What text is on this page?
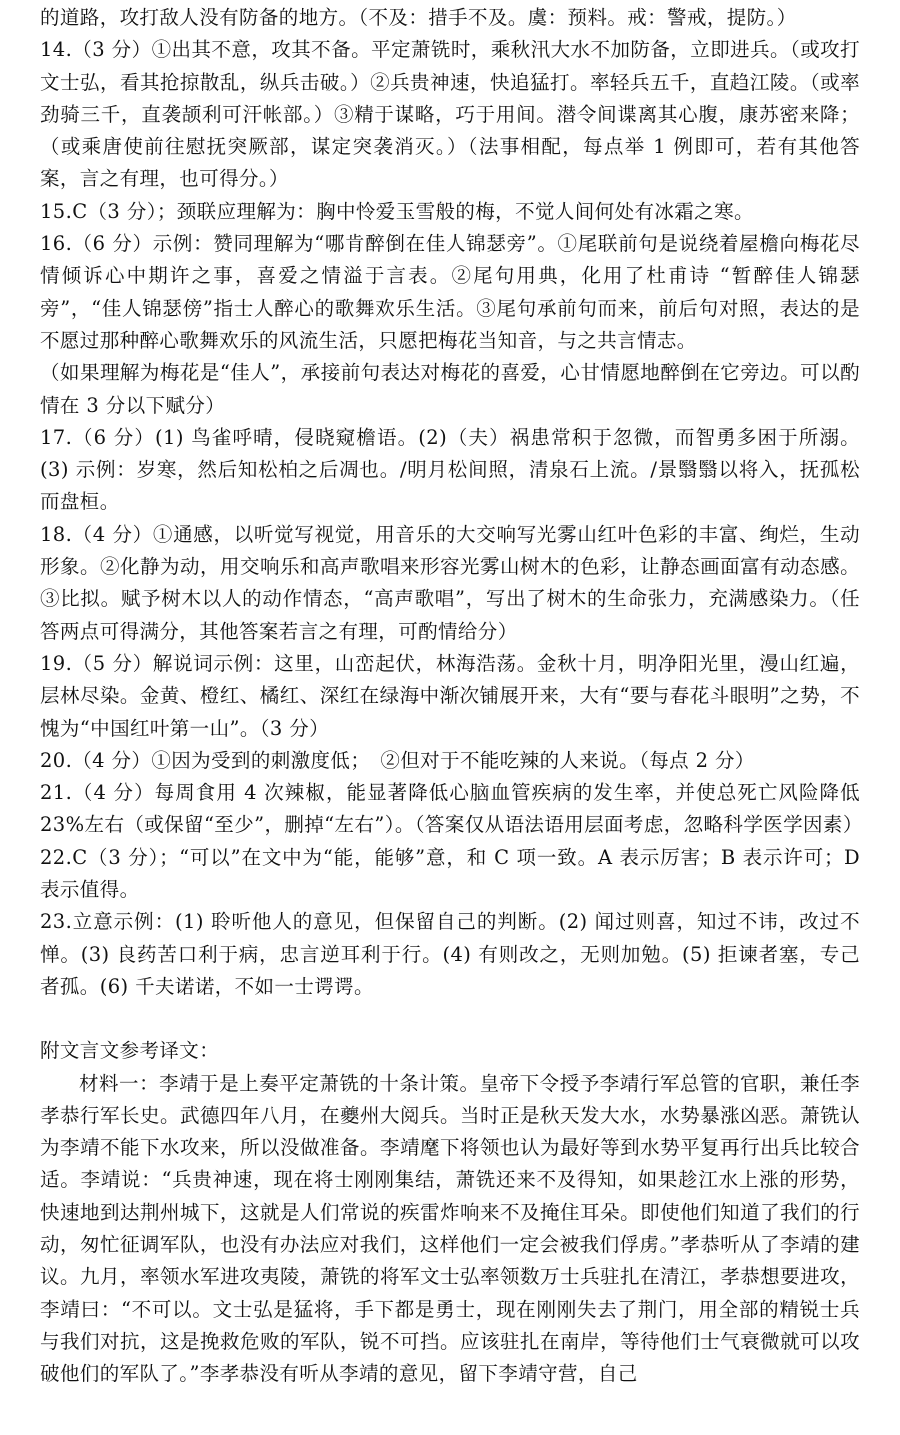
的道路，攻打敌人没有防备的地方。（不及：措手不及。虞：预料。戒：警戒，提防。）

14.（3 分）①出其不意，攻其不备。平定萧铣时，乘秋汛大水不加防备，立即进兵。（或攻打文士弘，看其抢掠散乱，纵兵击破。）②兵贵神速，快追猛打。率轻兵五千，直趋江陵。（或率劲骑三千，直袭颉利可汗帐部。）③精于谋略，巧于用间。潜令间谍离其心腹，康苏密来降；（或乘唐使前往慰抚突厥部，谋定突袭消灭。）（法事相配，每点举 1 例即可，若有其他答案，言之有理，也可得分。）

15.C（3 分）；颈联应理解为：胸中怜爱玉雪般的梅，不觉人间何处有冰霜之寒。

16.（6 分）示例：赞同理解为“哪肯醉倒在佳人锦瑟旁”。①尾联前句是说绕着屋檐向梅花尽情倾诉心中期许之事，喜爱之情溢于言表。②尾句用典，化用了杜甫诗 “暂醉佳人锦瑟旁”，“佳人锦瑟傍”指士人醉心的歌舞欢乐生活。③尾句承前句而来，前后句对照，表达的是不愿过那种醉心歌舞欢乐的风流生活，只愿把梅花当知音，与之共言情志。

（如果理解为梅花是“佳人”，承接前句表达对梅花的喜爱，心甘情愿地醉倒在它旁边。可以酌情在 3 分以下赋分）

17.（6 分）(1) 鸟雀呼晴，侵晓窥檐语。(2)（夫）祸患常积于忽微，而智勇多困于所溺。(3) 示例：岁寒，然后知松柏之后凋也。/明月松间照，清泉石上流。/景翳翳以将入，抚孤松而盘桓。

18.（4 分）①通感，以听觉写视觉，用音乐的大交响写光雾山红叶色彩的丰富、绚烂，生动形象。②化静为动，用交响乐和高声歌唱来形容光雾山树木的色彩，让静态画面富有动态感。③比拟。赋予树木以人的动作情态，“高声歌唱”，写出了树木的生命张力，充满感染力。（任答两点可得满分，其他答案若言之有理，可酌情给分）

19.（5 分）解说词示例：这里，山峦起伏，林海浩荡。金秋十月，明净阳光里，漫山红遍，层林尽染。金黄、橙红、橘红、深红在绿海中渐次铺展开来，大有“要与春花斗眼明”之势，不愧为“中国红叶第一山”。（3 分）

20.（4 分）①因为受到的刺激度低；　②但对于不能吃辣的人来说。（每点 2 分）

21.（4 分）每周食用 4 次辣椒，能显著降低心脑血管疾病的发生率，并使总死亡风险降低 23%左右（或保留“至少”，删掉“左右”）。（答案仅从语法语用层面考虑，忽略科学医学因素）

22.C（3 分）；“可以”在文中为“能，能够”意，和 C 项一致。A 表示厉害；B 表示许可；D 表示值得。

23.立意示例：(1) 聆听他人的意见，但保留自己的判断。(2) 闻过则喜，知过不讳，改过不惮。(3) 良药苦口利于病，忠言逆耳利于行。(4) 有则改之，无则加勉。(5) 拒谏者塞，专己者孤。(6) 千夫诺诺，不如一士谔谔。

附文言文参考译文：

材料一：李靖于是上奏平定萧铣的十条计策。皇帝下令授予李靖行军总管的官职，兼任李孝恭行军长史。武德四年八月，在夔州大阅兵。当时正是秋天发大水，水势暴涨凶恶。萧铣认为李靖不能下水攻来，所以没做准备。李靖麾下将领也认为最好等到水势平复再行出兵比较合适。李靖说：“兵贵神速，现在将士刚刚集结，萧铣还来不及得知，如果趁江水上涨的形势，快速地到达荆州城下，这就是人们常说的疾雷炸响来不及掩住耳朵。即使他们知道了我们的行动，匆忙征调军队，也没有办法应对我们，这样他们一定会被我们俘虏。”孝恭听从了李靖的建议。九月，率领水军进攻夷陵，萧铣的将军文士弘率领数万士兵驻扎在清江，孝恭想要进攻，李靖曰：“不可以。文士弘是猛将，手下都是勇士，现在刚刚失去了荆门，用全部的精锐士兵与我们对抗，这是挽救危败的军队，锐不可挡。应该驻扎在南岸，等待他们士气衰微就可以攻破他们的军队了。”李孝恭没有听从李靖的意见，留下李靖守营，自己
